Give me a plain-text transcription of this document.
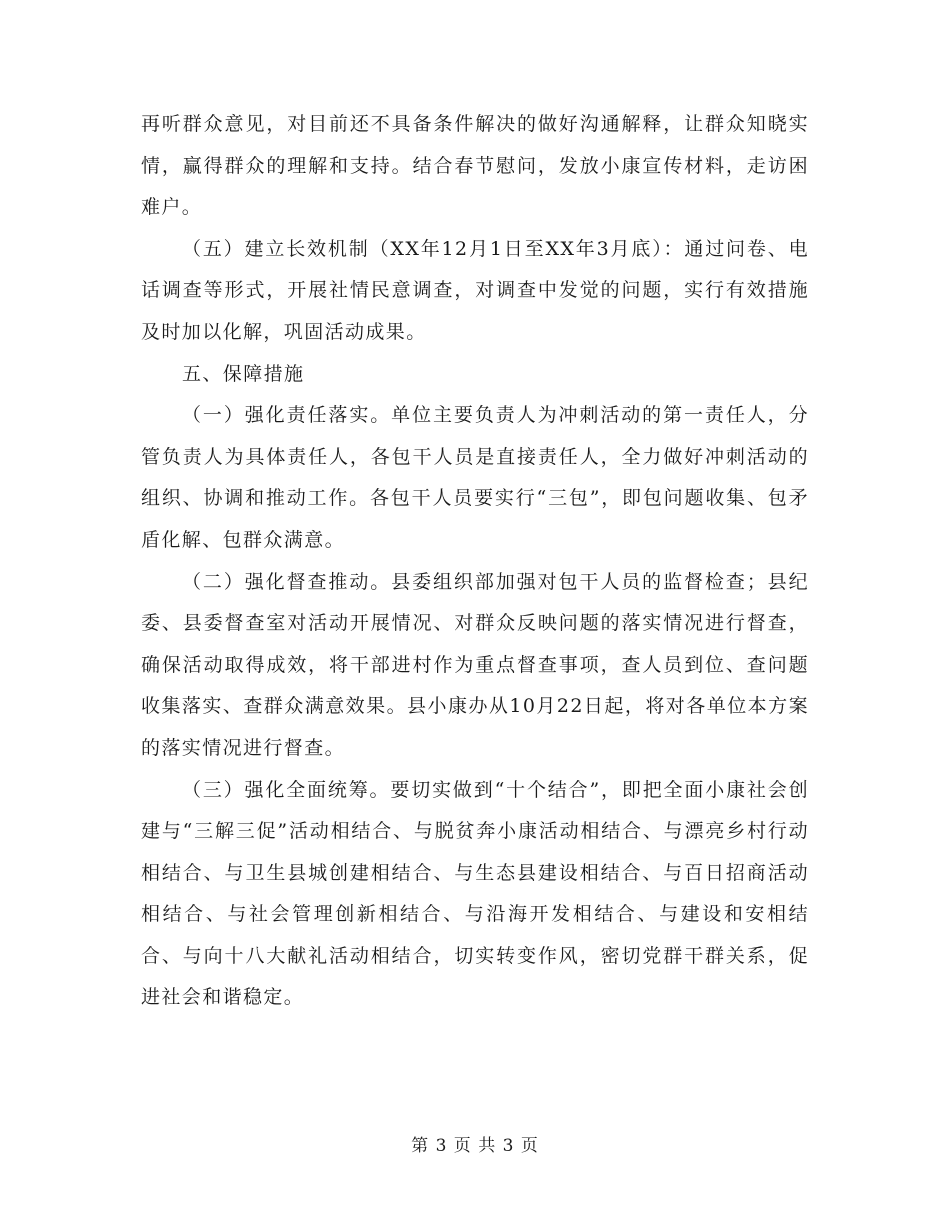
再听群众意见，对目前还不具备条件解决的做好沟通解释，让群众知晓实情，赢得群众的理解和支持。结合春节慰问，发放小康宣传材料，走访困难户。

（五）建立长效机制（XX年12月1日至XX年3月底）：通过问卷、电话调查等形式，开展社情民意调查，对调查中发觉的问题，实行有效措施及时加以化解，巩固活动成果。

五、保障措施

（一）强化责任落实。单位主要负责人为冲刺活动的第一责任人，分管负责人为具体责任人，各包干人员是直接责任人，全力做好冲刺活动的组织、协调和推动工作。各包干人员要实行“三包”，即包问题收集、包矛盾化解、包群众满意。

（二）强化督查推动。县委组织部加强对包干人员的监督检查；县纪委、县委督查室对活动开展情况、对群众反映问题的落实情况进行督查，确保活动取得成效，将干部进村作为重点督查事项，查人员到位、查问题收集落实、查群众满意效果。县小康办从10月22日起，将对各单位本方案的落实情况进行督查。

（三）强化全面统筹。要切实做到“十个结合”，即把全面小康社会创建与“三解三促”活动相结合、与脱贫奔小康活动相结合、与漂亮乡村行动相结合、与卫生县城创建相结合、与生态县建设相结合、与百日招商活动相结合、与社会管理创新相结合、与沿海开发相结合、与建设和安相结合、与向十八大献礼活动相结合，切实转变作风，密切党群干群关系，促进社会和谐稳定。

第 3 页 共 3 页
